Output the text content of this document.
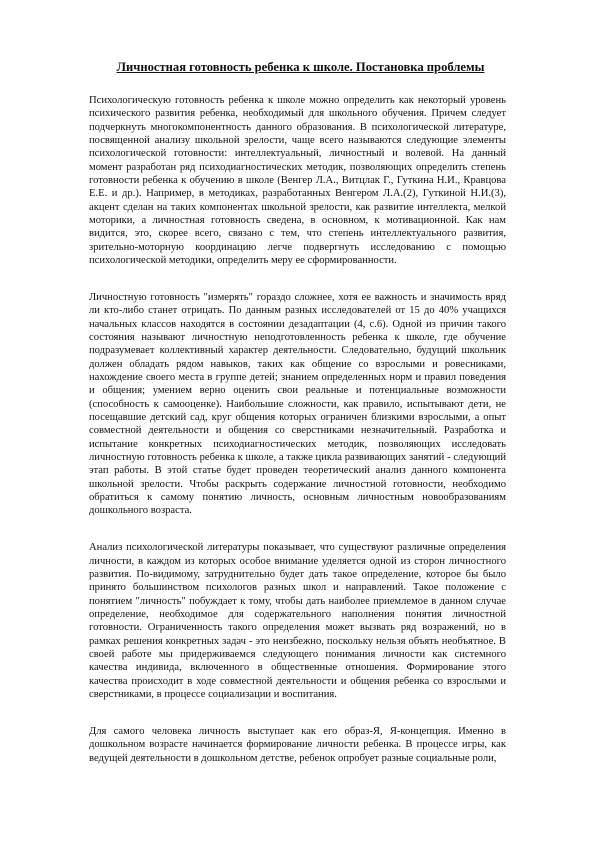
Личностная готовность ребенка к школе. Постановка проблемы

Психологическую готовность ребенка к школе можно определить как некоторый уровень психического развития ребенка, необходимый для школьного обучения. Причем следует подчеркнуть многокомпонентность данного образования. В психологической литературе, посвященной анализу школьной зрелости, чаще всего называются следующие элементы психологической готовности: интеллектуальный, личностный и волевой. На данный момент разработан ряд психодиагностических методик, позволяющих определить степень готовности ребенка к обучению в школе (Венгер Л.А., Витцлак Г., Гуткина Н.И., Кравцова Е.Е. и др.). Например, в методиках, разработанных Венгером Л.А.(2), Гуткиной Н.И.(3), акцент сделан на таких компонентах школьной зрелости, как развитие интеллекта, мелкой моторики, а личностная готовность сведена, в основном, к мотивационной. Как нам видится, это, скорее всего, связано с тем, что степень интеллектуального развития, зрительно-моторную координацию легче подвергнуть исследованию с помощью психологической методики, определить меру ее сформированности.

Личностную готовность "измерять" гораздо сложнее, хотя ее важность и значимость вряд ли кто-либо станет отрицать. По данным разных исследователей от 15 до 40% учащихся начальных классов находятся в состоянии дезадаптации (4, с.6). Одной из причин такого состояния называют личностную неподготовленность ребенка к школе, где обучение подразумевает коллективный характер деятельности. Следовательно, будущий школьник должен обладать рядом навыков, таких как общение со взрослыми и ровесниками, нахождение своего места в группе детей; знанием определенных норм и правил поведения и общения; умением верно оценить свои реальные и потенциальные возможности (способность к самооценке). Наибольшие сложности, как правило, испытывают дети, не посещавшие детский сад, круг общения которых ограничен близкими взрослыми, а опыт совместной деятельности и общения со сверстниками незначительный. Разработка и испытание конкретных психодиагностических методик, позволяющих исследовать личностную готовность ребенка к школе, а также цикла развивающих занятий - следующий этап работы. В этой статье будет проведен теоретический анализ данного компонента школьной зрелости. Чтобы раскрыть содержание личностной готовности, необходимо обратиться к самому понятию личность, основным личностным новообразованиям дошкольного возраста.

Анализ психологической литературы показывает, что существуют различные определения личности, в каждом из которых особое внимание уделяется одной из сторон личностного развития. По-видимому, затруднительно будет дать такое определение, которое бы было принято большинством психологов разных школ и направлений. Такое положение с понятием "личность" побуждает к тому, чтобы дать наиболее приемлемое в данном случае определение, необходимое для содержательного наполнения понятия личностной готовности. Ограниченность такого определения может вызвать ряд возражений, но в рамках решения конкретных задач - это неизбежно, поскольку нельзя объять необъятное. В своей работе мы придерживаемся следующего понимания личности как системного качества индивида, включенного в общественные отношения. Формирование этого качества происходит в ходе совместной деятельности и общения ребенка со взрослыми и сверстниками, в процессе социализации и воспитания.

Для самого человека личность выступает как его образ-Я, Я-концепция. Именно в дошкольном возрасте начинается формирование личности ребенка. В процессе игры, как ведущей деятельности в дошкольном детстве, ребенок опробует разные социальные роли,
